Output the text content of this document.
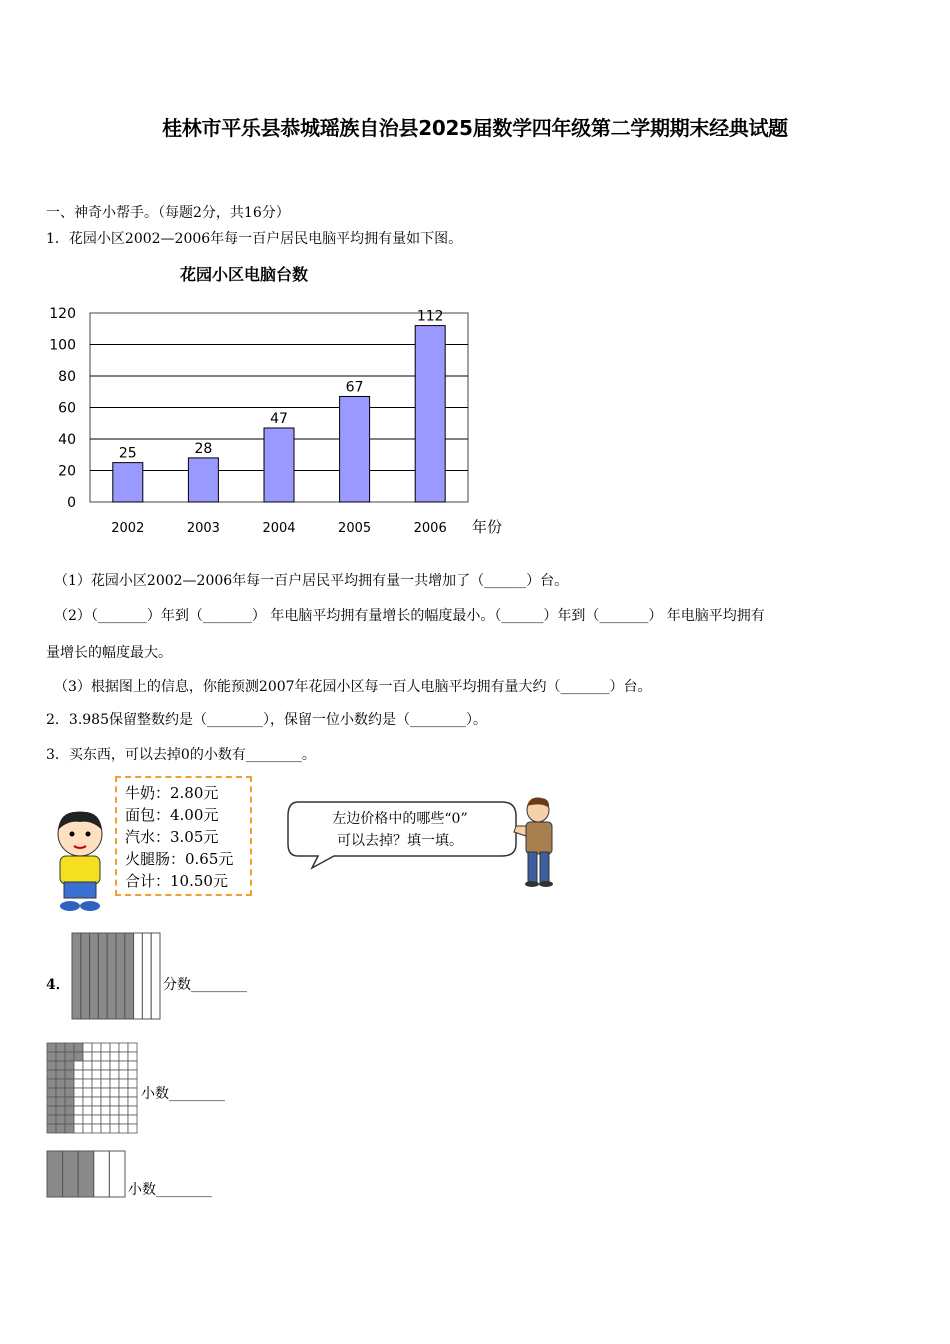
桂林市平乐县恭城瑶族自治县2025届数学四年级第二学期期末经典试题
一、神奇小帮手。（每题2分，共16分）
1．花园小区2002—2006年每一百户居民电脑平均拥有量如下图。
花园小区电脑台数
0
20
40
60
80
100
120
25
2002
28
2003
47
2004
67
2005
112
2006 年份
（1）花园小区2002—2006年每一百户居民平均拥有量一共增加了（______）台。
（2）（_______）年到（_______） 年电脑平均拥有量增长的幅度最小。（______）年到（_______） 年电脑平均拥有
量增长的幅度最大。
（3）根据图上的信息，你能预测2007年花园小区每一百人电脑平均拥有量大约（_______）台。
2．3.985保留整数约是（________），保留一位小数约是（________）。
3．买东西，可以去掉0的小数有________。
牛奶：2.80元
面包：4.00元
汽水：3.05元
火腿肠：0.65元
合计：10.50元
左边价格中的哪些“0”
可以去掉？填一填。
4．	分数________
小数________
小数________
